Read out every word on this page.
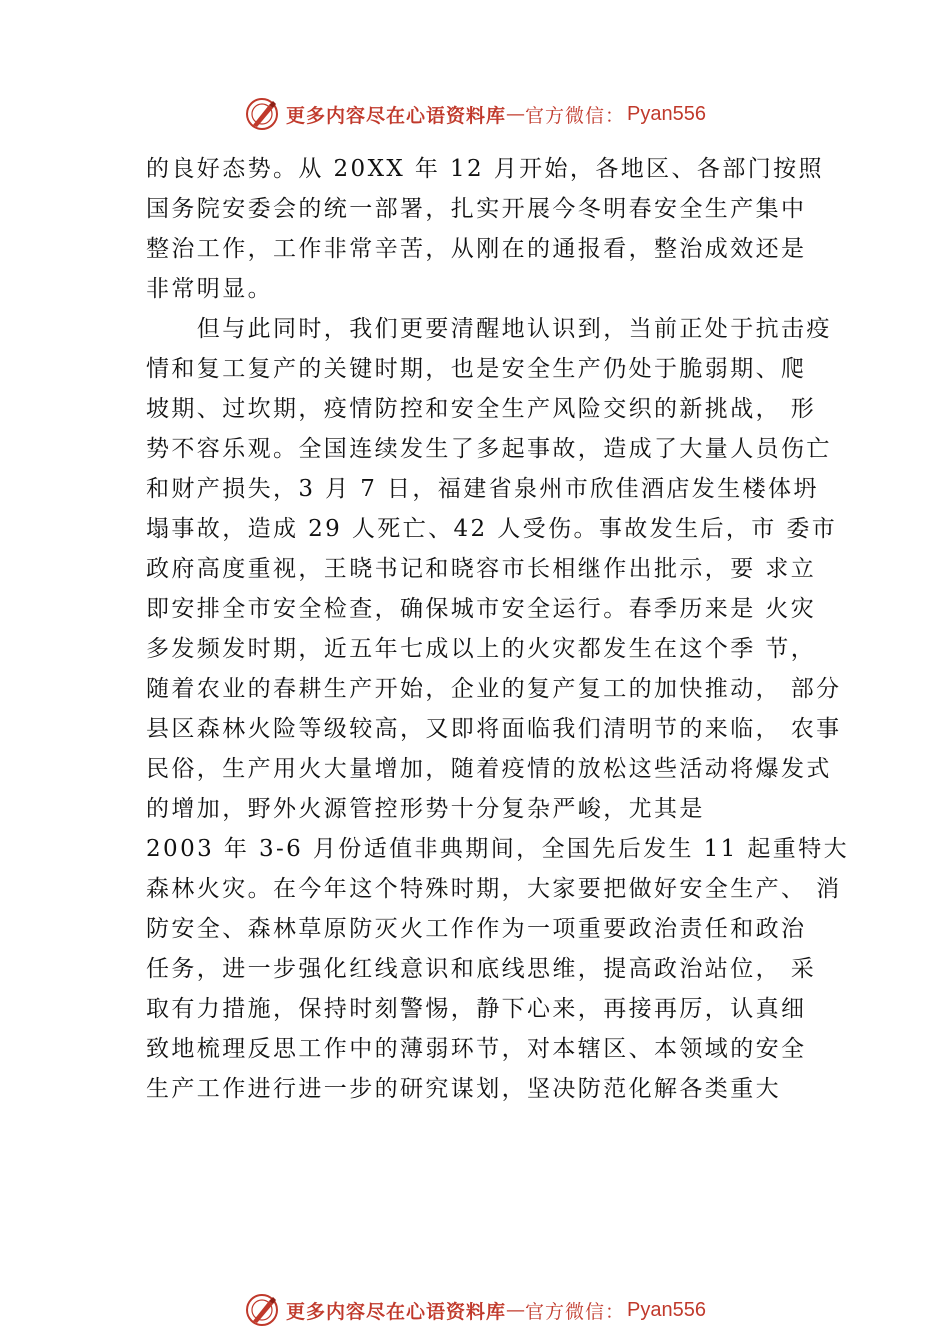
更多内容尽在心语资料库 — 官方微信： Pyan556
的良好态势。从 20XX 年 12 月开始，各地区、各部门按照
国务院安委会的统一部署，扎实开展今冬明春安全生产集中
整治工作，工作非常辛苦，从刚在的通报看，整治成效还是
非常明显。
　　但与此同时，我们更要清醒地认识到，当前正处于抗击疫
情和复工复产的关键时期，也是安全生产仍处于脆弱期、爬
坡期、过坎期，疫情防控和安全生产风险交织的新挑战， 形
势不容乐观。全国连续发生了多起事故，造成了大量人员伤亡
和财产损失，3 月 7 日，福建省泉州市欣佳酒店发生楼体坍
塌事故，造成 29 人死亡、42 人受伤。事故发生后，市 委市
政府高度重视，王晓书记和晓容市长相继作出批示，要 求立
即安排全市安全检查，确保城市安全运行。春季历来是 火灾
多发频发时期，近五年七成以上的火灾都发生在这个季 节，
随着农业的春耕生产开始，企业的复产复工的加快推动， 部分
县区森林火险等级较高，又即将面临我们清明节的来临， 农事
民俗，生产用火大量增加，随着疫情的放松这些活动将爆发式
的增加，野外火源管控形势十分复杂严峻，尤其是
2003 年 3-6 月份适值非典期间，全国先后发生 11 起重特大
森林火灾。在今年这个特殊时期，大家要把做好安全生产、 消
防安全、森林草原防灭火工作作为一项重要政治责任和政治
任务，进一步强化红线意识和底线思维，提高政治站位， 采
取有力措施，保持时刻警惕，静下心来，再接再厉，认真细
致地梳理反思工作中的薄弱环节，对本辖区、本领域的安全
生产工作进行进一步的研究谋划，坚决防范化解各类重大
更多内容尽在心语资料库 — 官方微信： Pyan556
